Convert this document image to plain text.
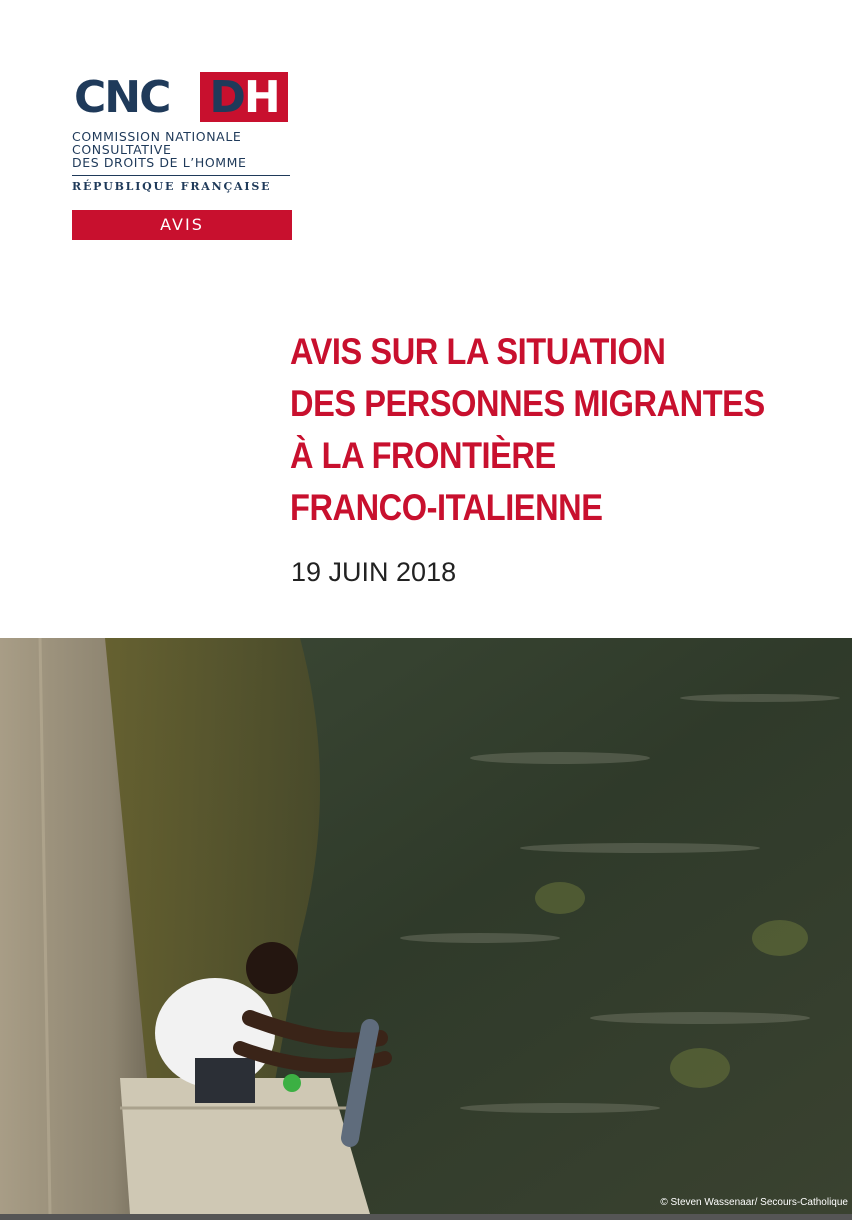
CNC DH
COMMISSION NATIONALE
CONSULTATIVE
DES DROITS DE L’HOMME
RÉPUBLIQUE FRANÇAISE
AVIS
AVIS SUR LA SITUATION
DES PERSONNES MIGRANTES
À LA FRONTIÈRE
FRANCO-ITALIENNE
19 JUIN 2018
© Steven Wassenaar/ Secours-Catholique
